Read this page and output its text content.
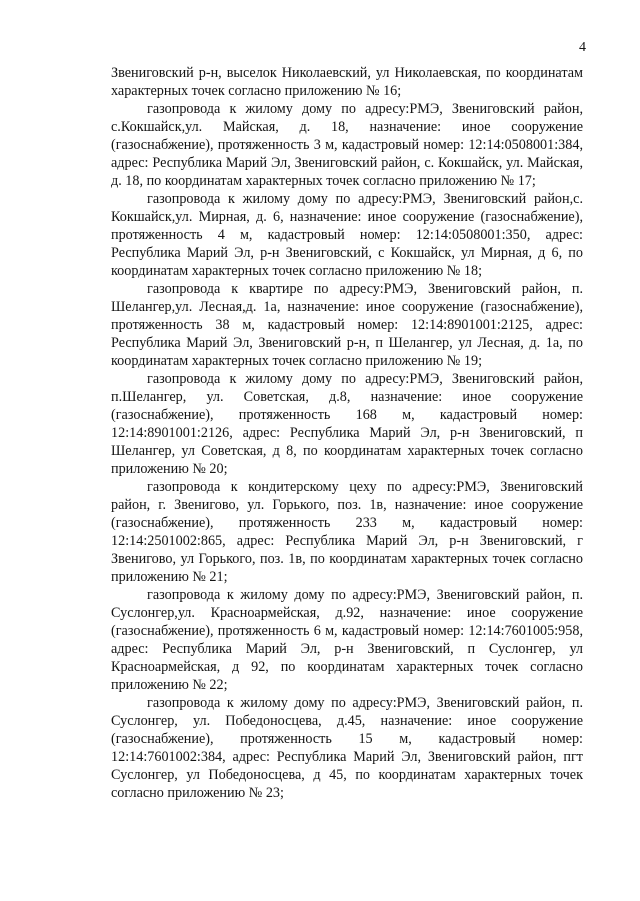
4

Звениговский р-н, выселок Николаевский, ул Николаевская, по координатам характерных точек согласно приложению № 16;

газопровода к жилому дому по адресу:РМЭ, Звениговский район, с.Кокшайск,ул. Майская, д. 18, назначение: иное сооружение (газоснабжение), протяженность 3 м, кадастровый номер: 12:14:0508001:384, адрес: Республика Марий Эл, Звениговский район, с. Кокшайск, ул. Майская, д. 18, по координатам характерных точек согласно приложению № 17;

газопровода к жилому дому по адресу:РМЭ, Звениговский район,с. Кокшайск,ул. Мирная, д. 6, назначение: иное сооружение (газоснабжение), протяженность 4 м, кадастровый номер: 12:14:0508001:350, адрес: Республика Марий Эл, р-н Звениговский, с Кокшайск, ул Мирная, д 6, по координатам характерных точек согласно приложению № 18;

газопровода к квартире по адресу:РМЭ, Звениговский район, п. Шелангер,ул. Лесная,д. 1а, назначение: иное сооружение (газоснабжение), протяженность 38 м, кадастровый номер: 12:14:8901001:2125, адрес: Республика Марий Эл, Звениговский р-н, п Шелангер, ул Лесная, д. 1а, по координатам характерных точек согласно приложению № 19;

газопровода к жилому дому по адресу:РМЭ, Звениговский район, п.Шелангер, ул. Советская, д.8, назначение: иное сооружение (газоснабжение), протяженность 168 м, кадастровый номер: 12:14:8901001:2126, адрес: Республика Марий Эл, р-н Звениговский, п Шелангер, ул Советская, д 8, по координатам характерных точек согласно приложению № 20;

газопровода к кондитерскому цеху по адресу:РМЭ, Звениговский район, г. Звенигово, ул. Горького, поз. 1в, назначение: иное сооружение (газоснабжение), протяженность 233 м, кадастровый номер: 12:14:2501002:865, адрес: Республика Марий Эл, р-н Звениговский, г Звенигово, ул Горького, поз. 1в, по координатам характерных точек согласно приложению № 21;

газопровода к жилому дому по адресу:РМЭ, Звениговский район, п. Суслонгер,ул. Красноармейская, д.92, назначение: иное сооружение (газоснабжение), протяженность 6 м, кадастровый номер: 12:14:7601005:958, адрес: Республика Марий Эл, р-н Звениговский, п Суслонгер, ул Красноармейская, д 92, по координатам характерных точек согласно приложению № 22;

газопровода к жилому дому по адресу:РМЭ, Звениговский район, п. Суслонгер, ул. Победоносцева, д.45, назначение: иное сооружение (газоснабжение), протяженность 15 м, кадастровый номер: 12:14:7601002:384, адрес: Республика Марий Эл, Звениговский район, пгт Суслонгер, ул Победоносцева, д 45, по координатам характерных точек согласно приложению № 23;
